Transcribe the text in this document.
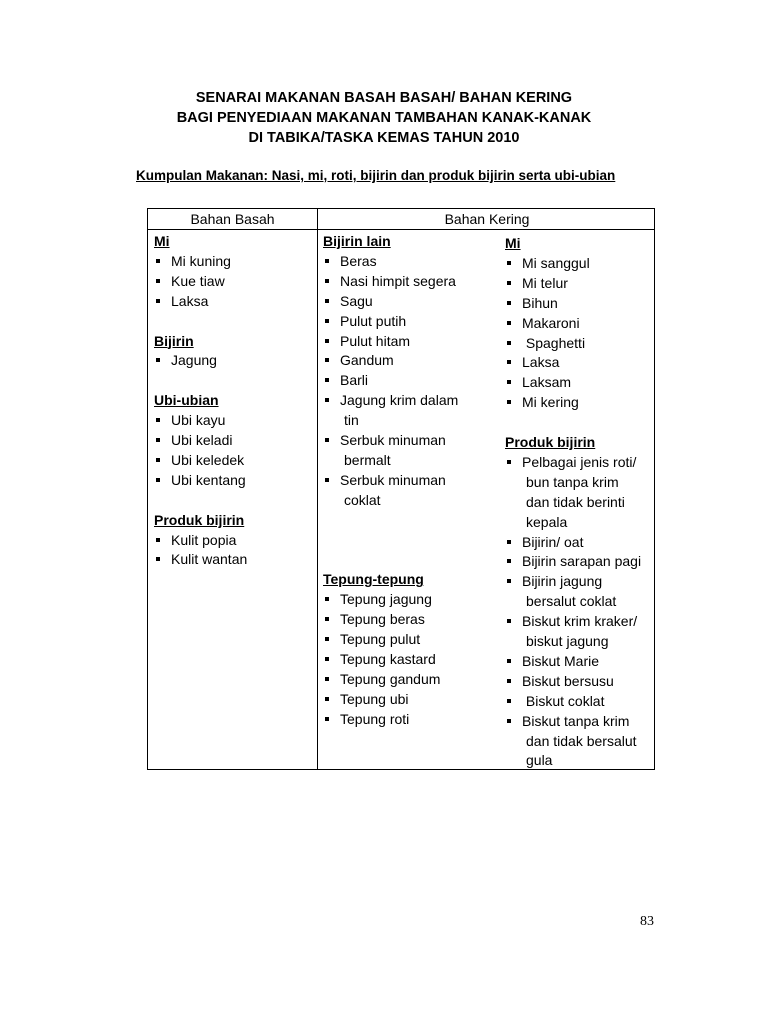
SENARAI MAKANAN BASAH BASAH/ BAHAN KERING
BAGI PENYEDIAAN MAKANAN TAMBAHAN KANAK-KANAK
DI TABIKA/TASKA KEMAS TAHUN 2010
Kumpulan Makanan: Nasi, mi, roti, bijirin dan produk bijirin serta ubi-ubian
Bahan Basah	Bahan Kering
Mi
Mi kuning
Kue tiaw
Laksa
Bijirin
Jagung
Ubi-ubian
Ubi kayu
Ubi keladi
Ubi keledek
Ubi kentang
Produk bijirin
Kulit popia
Kulit wantan
Bijirin lain
Beras
Nasi himpit segera
Sagu
Pulut putih
Pulut hitam
Gandum
Barli
Jagung krim dalam
tin
Serbuk minuman
bermalt
Serbuk minuman
coklat
Tepung-tepung
Tepung jagung
Tepung beras
Tepung pulut
Tepung kastard
Tepung gandum
Tepung ubi
Tepung roti
Mi
Mi sanggul
Mi telur
Bihun
Makaroni
Spaghetti
Laksa
Laksam
Mi kering
Produk bijirin
Pelbagai jenis roti/
bun tanpa krim
dan tidak berinti
kepala
Bijirin/ oat
Bijirin sarapan pagi
Bijirin jagung
bersalut coklat
Biskut krim kraker/
biskut jagung
Biskut Marie
Biskut bersusu
Biskut coklat
Biskut tanpa krim
dan tidak bersalut
gula
83
